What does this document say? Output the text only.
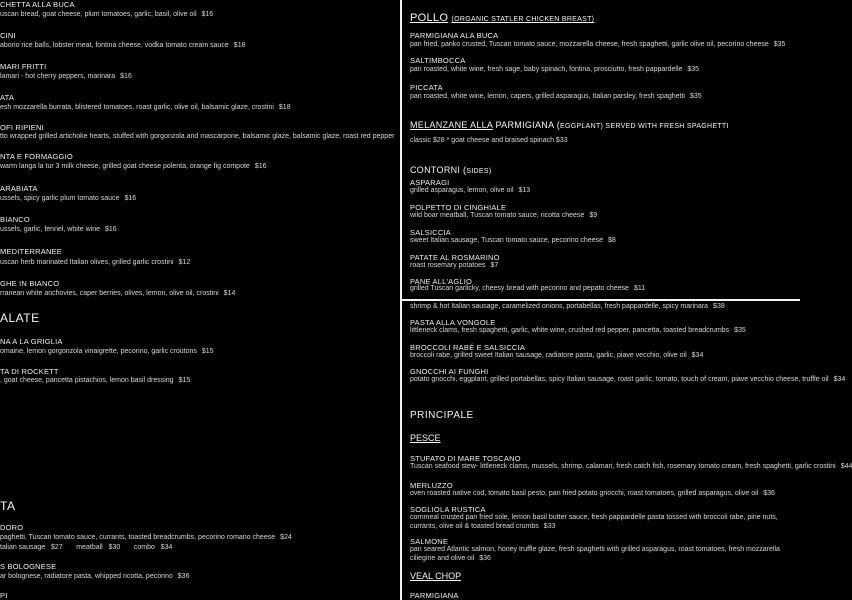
CHETTA ALLA BUCA
uscan bread, goat cheese, plum tomatoes, garlic, basil, olive oil $16
CINI
aborio rice balls, lobster meat, fontina cheese, vodka tomato cream sauce $18
MARI FRITTI
lamari - hot cherry peppers, marinara $16
ATA
esh mozzarella burrata, blistered tomatoes, roast garlic, olive oil, balsamic glaze, crostini $18
OFI RIPIENI
tto wrapped grilled artichoke hearts, stuffed with gorgonzola and mascarpone, balsamic glaze, balsamic glaze, roast red pepper
NTA E FORMAGGIO
warm langa la tur 3 milk cheese, grilled goat cheese polenta, orange fig compote $16
ARABIATA
ussels, spicy garlic plum tomato sauce $16
BIANCO
ussels, garlic, fennel, white wine $16
MEDITERRANEE
uscan herb marinated Italian olives, grilled garlic crostini $12
GHE IN BIANCO
rranean white anchovies, caper berries, olives, lemon, olive oil, crostini $14
ALATE
NA A LA GRIGLIA
omaine, lemon gorgonzola vinaigrette, pecorino, garlic croutons $15
TA DI ROCKETT
, goat cheese, pancetta pistachios, lemon basil dressing $15
TA
DORO
paghetti, Tuscan tomato sauce, currants, toasted breadcrumbs, pecorino romano cheese $24
talian sausage   $27       meatball   $30       combo   $34
S BOLOGNESE
ar bolognese, radiatore pasta, whipped ricotta, pecorino $36
PI
POLLO (ORGANIC STATLER CHICKEN BREAST)
PARMIGIANA ALA BUCA
pan fried, panko crusted, Tuscan tomato sauce, mozzarella cheese, fresh spaghetti, garlic olive oil, pecorino cheese $35
SALTIMBOCCA
pan roasted, white wine, fresh sage, baby spinach, fontina, prosciutto, fresh pappardelle $35
PICCATA
pan roasted, white wine, lemon, capers, grilled asparagus, Italian parsley, fresh spaghetti $35
MELANZANE ALLA PARMIGIANA (EGGPLANT) SERVED WITH FRESH SPAGHETTI
classic $28 * goat cheese and braised spinach $33
CONTORNI (SIDES)
ASPARAGI
grilled asparagus, lemon, olive oil $13
POLPETTO DI CINGHIALE
wild boar meatball, Tuscan tomato sauce, ricotta cheese $9
SALSICCIA
sweet Italian sausage, Tuscan tomato sauce, pecorino cheese $8
PATATE AL ROSMARINO
roast rosemary potatoes $7
PANE ALL'AGLIO
grilled Tuscan garlicky, cheesy bread with pecorino and pepato cheese $11
shrimp & hot Italian sausage, caramelized onions, portabellas, fresh pappardelle, spicy marinara $38
PASTA ALLA VONGOLE
littleneck clams, fresh spaghetti, garlic, white wine, crushed red pepper, pancetta, toasted breadcrumbs $35
BROCCOLI RABÉ E SALSICCIA
broccoli rabe, grilled sweet Italian sausage, radiatore pasta, garlic, piave vecchio, olive oil $34
GNOCCHI AI FUNGHI
potato gnocchi, eggplant, grilled portabellas, spicy Italian sausage, roast garlic, tomato, touch of cream, piave vecchio cheese, truffle oil $34
PRINCIPALE
PESCE
STUFATO DI MARE TOSCANO
Tuscan seafood stew- littleneck clams, mussels, shrimp, calamari, fresh catch fish, rosemary tomato cream, fresh spaghetti, garlic crostini $44
MERLUZZO
oven roasted native cod, tomato basil pesto, pan fried potato gnocchi, roast tomatoes, grilled asparagus, olive oil $36
SOGLIOLA RUSTICA
cornmeal crusted pan fried sole, lemon basil butter sauce, fresh pappardelle pasta tossed with broccoli rabe, pine nuts, currants, olive oil & toasted bread crumbs $33
SALMONE
pan seared Atlantic salmon, honey truffle glaze, fresh spaghetti with grilled asparagus, roast tomatoes, fresh mozzarella ciliegine and olive oil $36
VEAL CHOP
PARMIGIANA
